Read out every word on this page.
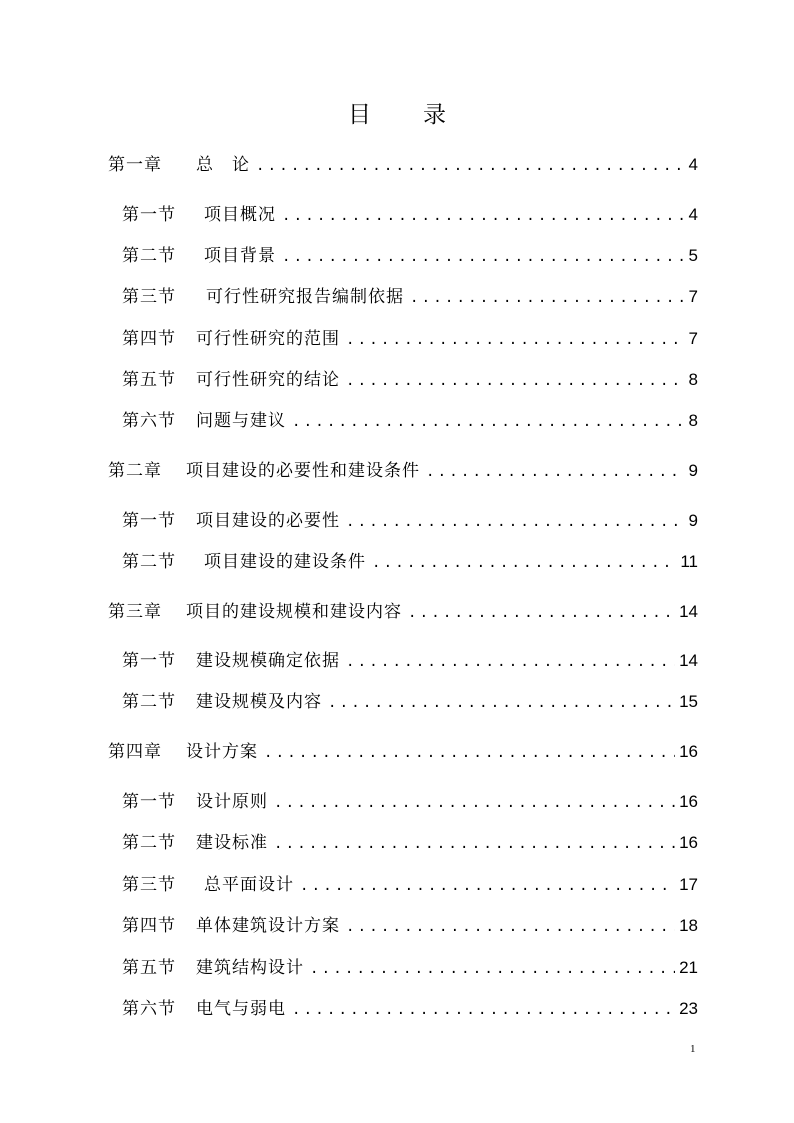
目 录
第一章 总　论 .....	4
第一节 项目概况 .....	4
第二节 项目背景 .....	5
第三节 可行性研究报告编制依据 .....	7
第四节 可行性研究的范围 .....	7
第五节 可行性研究的结论 .....	8
第六节 问题与建议 .....	8
第二章 项目建设的必要性和建设条件 .....	9
第一节 项目建设的必要性 .....	9
第二节 项目建设的建设条件 .....	11
第三章 项目的建设规模和建设内容 .....	14
第一节 建设规模确定依据 .....	14
第二节 建设规模及内容 .....	15
第四章 设计方案 .....	16
第一节 设计原则 .....	16
第二节 建设标准 .....	16
第三节 总平面设计 .....	17
第四节 单体建筑设计方案 .....	18
第五节 建筑结构设计 .....	21
第六节 电气与弱电 .....	23
1
